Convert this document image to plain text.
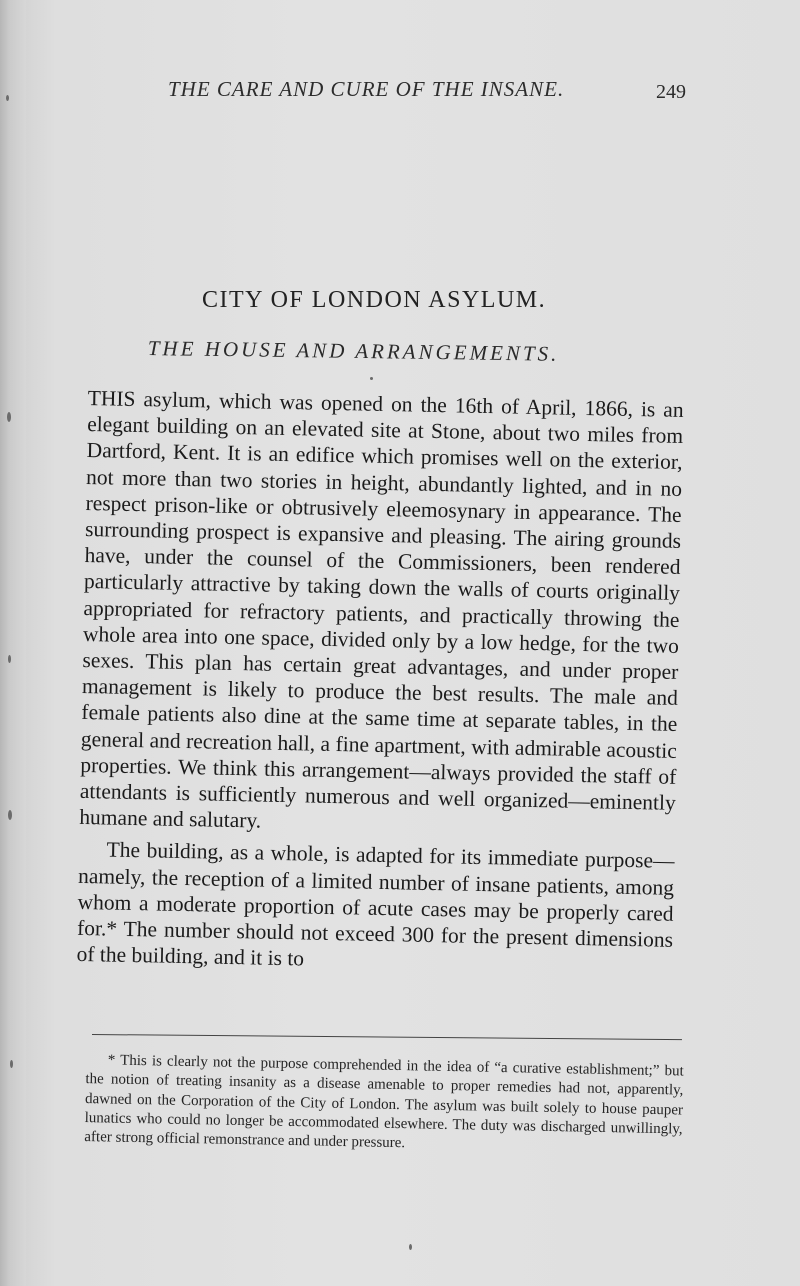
THE CARE AND CURE OF THE INSANE.	249
CITY OF LONDON ASYLUM.
THE HOUSE AND ARRANGEMENTS.

THIS asylum, which was opened on the 16th of April, 1866, is an elegant building on an elevated site at Stone, about two miles from Dartford, Kent. It is an edifice which promises well on the exterior, not more than two stories in height, abundantly lighted, and in no respect prison-like or obtrusively eleemosynary in appearance. The surrounding prospect is expansive and pleasing. The airing grounds have, under the counsel of the Commissioners, been rendered particularly attractive by taking down the walls of courts originally appropriated for refractory patients, and practically throwing the whole area into one space, divided only by a low hedge, for the two sexes. This plan has certain great advantages, and under proper management is likely to produce the best results. The male and female patients also dine at the same time at separate tables, in the general and recreation hall, a fine apartment, with admirable acoustic properties. We think this arrangement—always provided the staff of attendants is sufficiently numerous and well organized—eminently humane and salutary.

The building, as a whole, is adapted for its immediate purpose—namely, the reception of a limited number of insane patients, among whom a moderate proportion of acute cases may be properly cared for.* The number should not exceed 300 for the present dimensions of the building, and it is to

* This is clearly not the purpose comprehended in the idea of “a curative establishment;” but the notion of treating insanity as a disease amenable to proper remedies had not, apparently, dawned on the Corporation of the City of London. The asylum was built solely to house pauper lunatics who could no longer be accommodated elsewhere. The duty was discharged unwillingly, after strong official remonstrance and under pressure.
